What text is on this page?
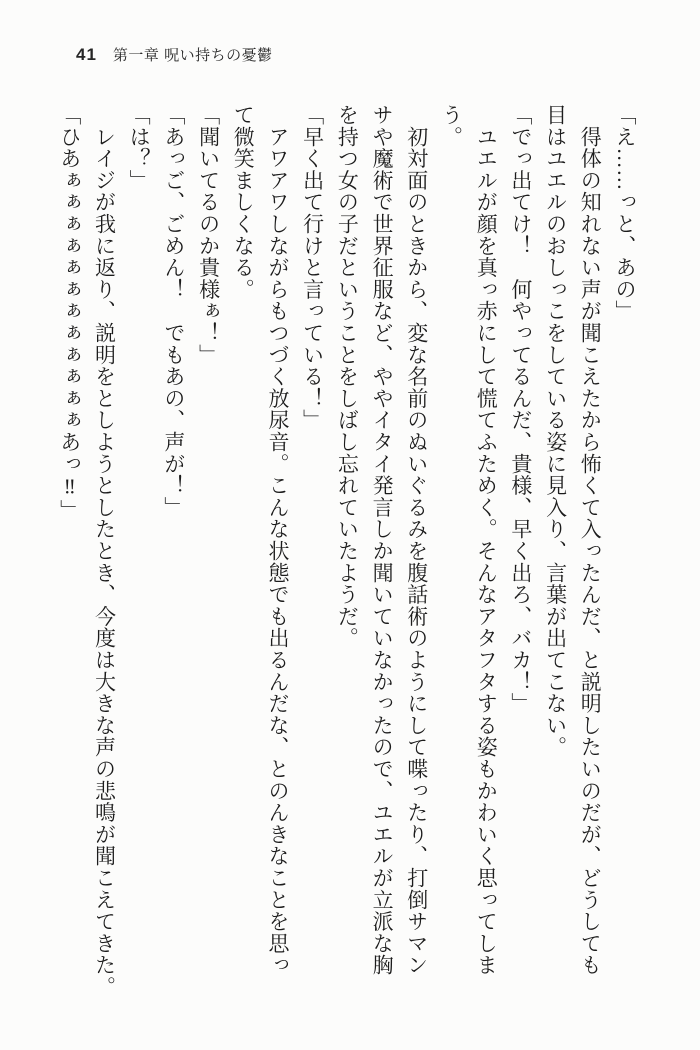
41 第一章 呪い持ちの憂鬱
「え……っと、あの」
　得体の知れない声が聞こえたから怖くて入ったんだ、と説明したいのだが、どうしても
目はユエルのおしっこをしている姿に見入り、言葉が出てこない。
「でっ出てけ！　何やってるんだ、貴様、早く出ろ、バカ！」
　ユエルが顔を真っ赤にして慌てふためく。そんなアタフタする姿もかわいく思ってしま
う。
　初対面のときから、変な名前のぬいぐるみを腹話術のようにして喋ったり、打倒サマン
サや魔術で世界征服など、ややイタイ発言しか聞いていなかったので、ユエルが立派な胸
を持つ女の子だということをしばし忘れていたようだ。
「早く出て行けと言っている！」
　アワアワしながらもつづく放尿音。こんな状態でも出るんだな、とのんきなことを思っ
て微笑ましくなる。
「聞いてるのか貴様ぁ！」
「あっご、ごめん！　でもあの、声が！」
「は？」
　レイジが我に返り、説明をとしようとしたとき、今度は大きな声の悲鳴が聞こえてきた。
「ひあぁぁぁぁぁぁぁぁぁぁぁぁあっ‼」
